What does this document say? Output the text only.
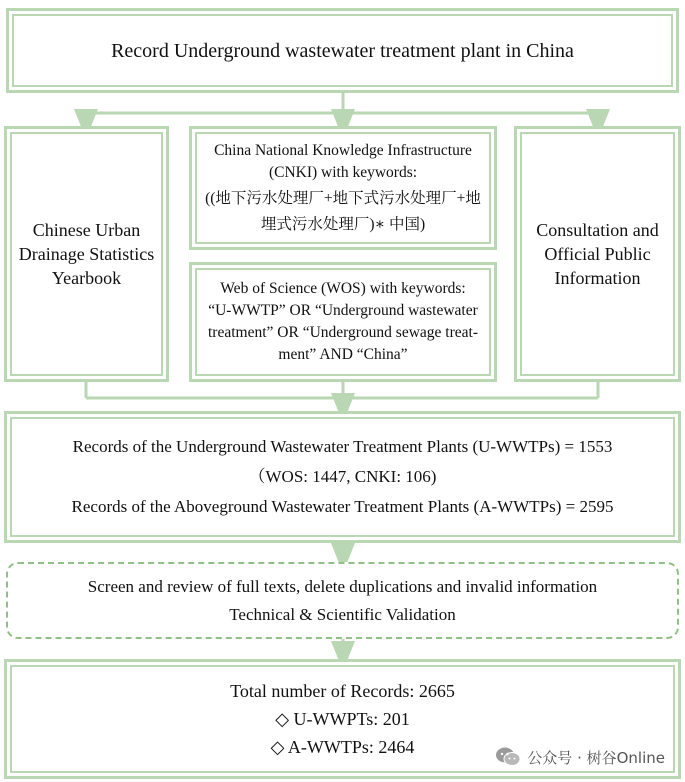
Record Underground wastewater treatment plant in China
Chinese Urban
Drainage Statistics
Yearbook
China National Knowledge Infrastructure
(CNKI) with keywords:
((地下污水处理厂+地下式污水处理厂+地
埋式污水处理厂)∗ 中国)
Web of Science (WOS) with keywords:
“U-WWTP” OR “Underground wastewater
treatment” OR “Underground sewage treat-
ment” AND “China”
Consultation and
Official Public
Information
Records of the Underground Wastewater Treatment Plants (U-WWTPs) = 1553
（WOS: 1447, CNKI: 106)
Records of the Aboveground Wastewater Treatment Plants (A-WWTPs) = 2595
Screen and review of full texts, delete duplications and invalid information
Technical & Scientific Validation
Total number of Records: 2665
◇ U-WWPTs: 201
◇ A-WWTPs: 2464
公众号 · 树谷Online
